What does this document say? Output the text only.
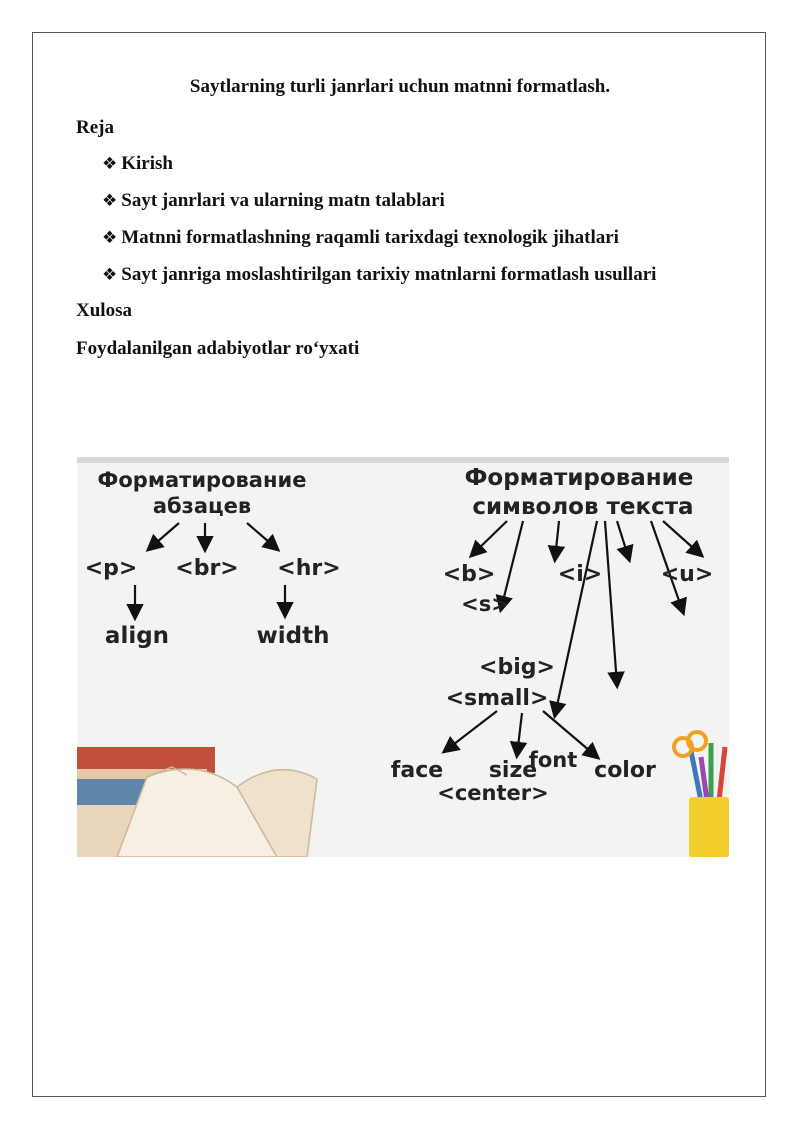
Saytlarning turli janrlari uchun matnni formatlash.
Reja
❖ Kirish
❖ Sayt janrlari va ularning matn talablari
❖ Matnni formatlashning raqamli tarixdagi texnologik jihatlari
❖ Sayt janriga moslashtirilgan tarixiy matnlarni formatlash usullari
Xulosa
Foydalanilgan adabiyotlar ro‘yxati
Форматирование
абзацев
<p> <br> <hr>
align	width
Форматирование
символов текста
<b>	<i>	<u>
<s>
<big>
<small>
face size
font color
<center>
